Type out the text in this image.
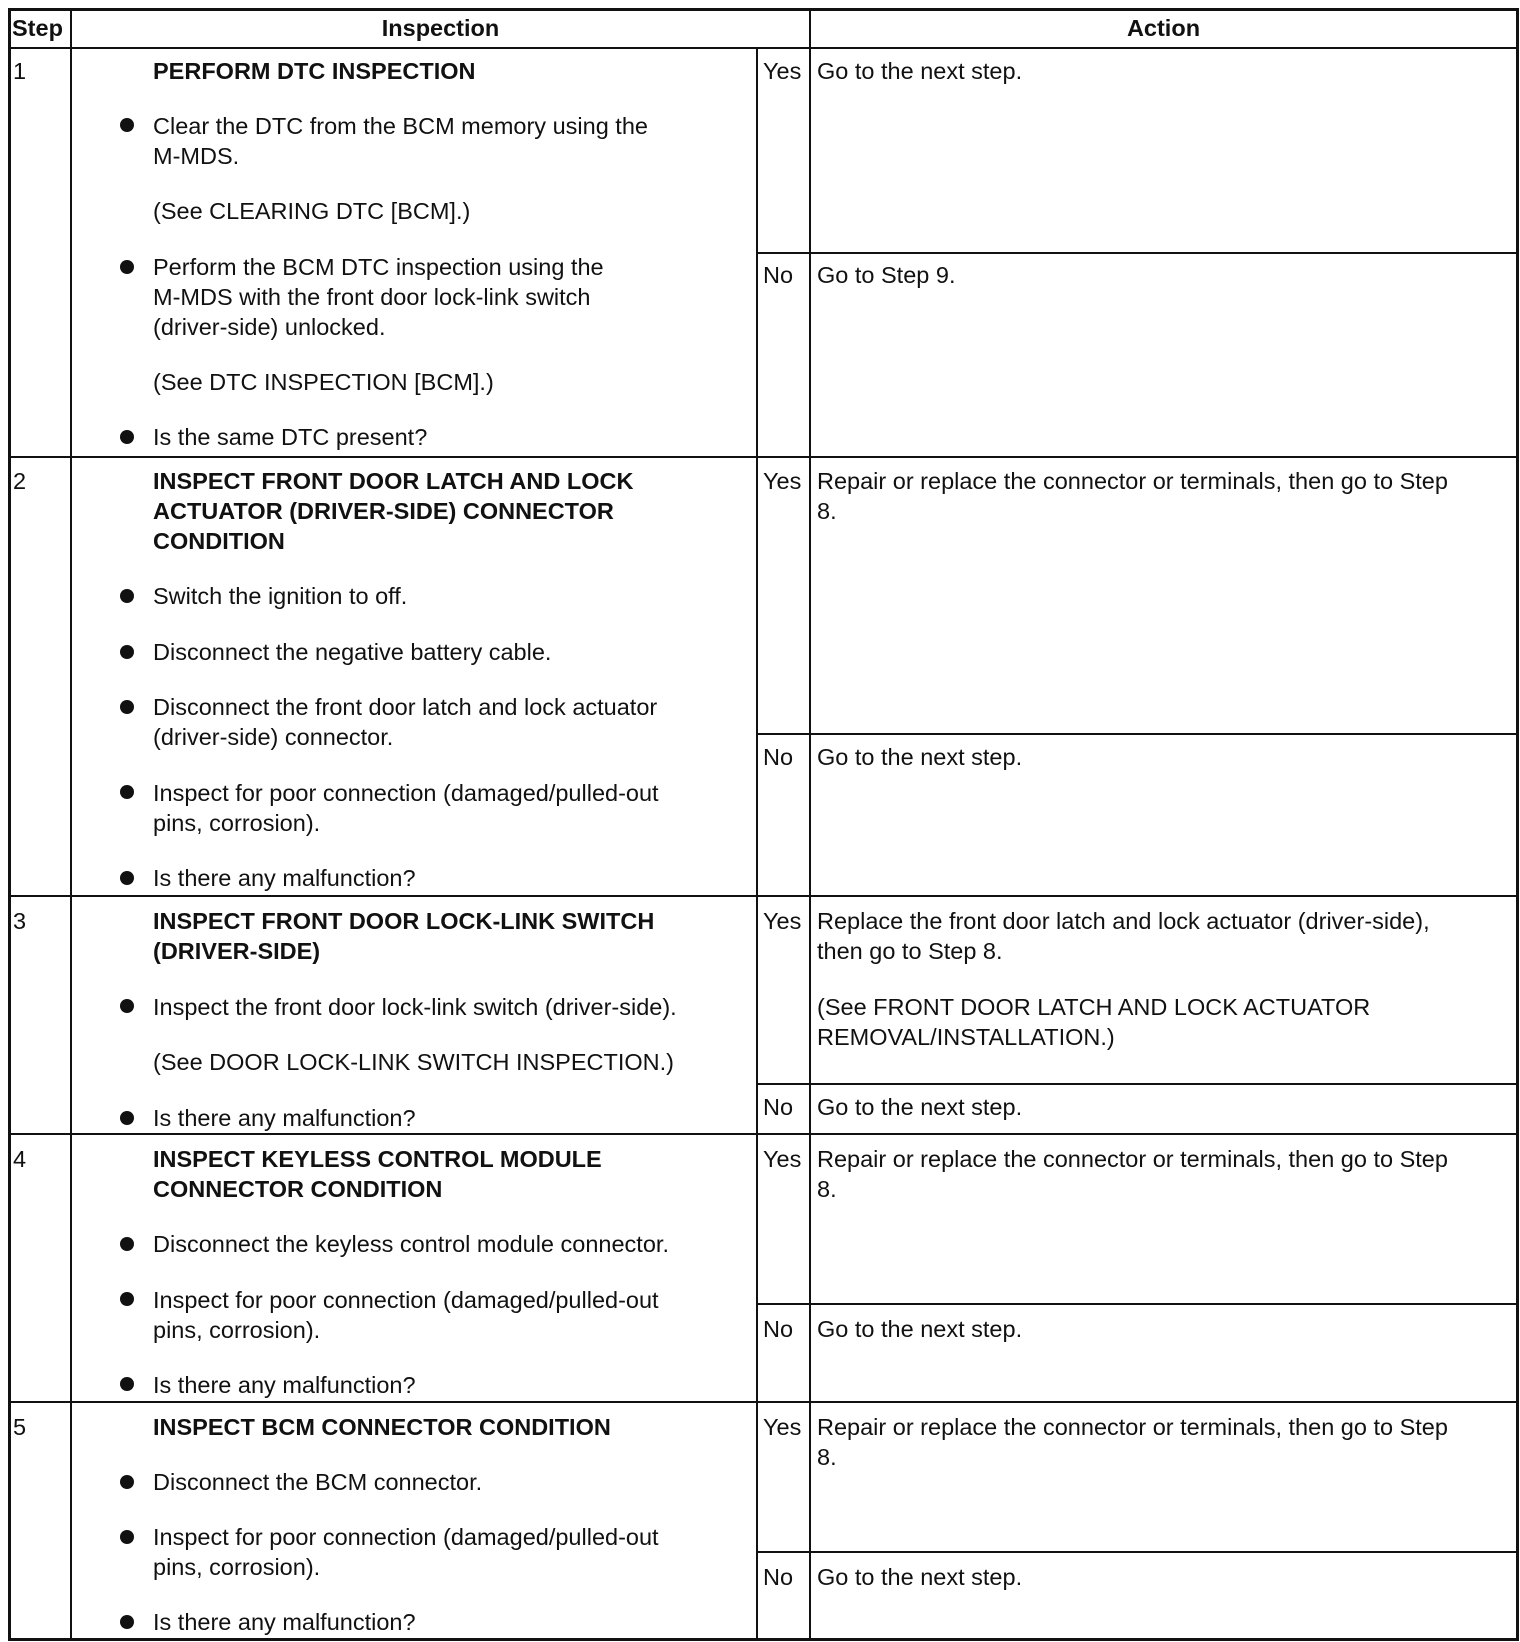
Step	Inspection	Action
1	PERFORM DTC INSPECTION
Clear the DTC from the BCM memory using the
M-MDS.
(See CLEARING DTC [BCM].)
Perform the BCM DTC inspection using the
M-MDS with the front door lock-link switch
(driver-side) unlocked.
(See DTC INSPECTION [BCM].)
Is the same DTC present?
Yes Go to the next step.
No Go to Step 9.
2	INSPECT FRONT DOOR LATCH AND LOCK
ACTUATOR (DRIVER-SIDE) CONNECTOR
CONDITION
Switch the ignition to off.
Disconnect the negative battery cable.
Disconnect the front door latch and lock actuator
(driver-side) connector.
Inspect for poor connection (damaged/pulled-out
pins, corrosion).
Is there any malfunction?
Yes Repair or replace the connector or terminals, then go to Step
8.
No Go to the next step.
3	INSPECT FRONT DOOR LOCK-LINK SWITCH
(DRIVER-SIDE)
Inspect the front door lock-link switch (driver-side).
(See DOOR LOCK-LINK SWITCH INSPECTION.)
Is there any malfunction?
Yes Replace the front door latch and lock actuator (driver-side),
then go to Step 8.
(See FRONT DOOR LATCH AND LOCK ACTUATOR
REMOVAL/INSTALLATION.)
No Go to the next step.
4	INSPECT KEYLESS CONTROL MODULE
CONNECTOR CONDITION
Disconnect the keyless control module connector.
Inspect for poor connection (damaged/pulled-out
pins, corrosion).
Is there any malfunction?
Yes Repair or replace the connector or terminals, then go to Step
8.
No Go to the next step.
5	INSPECT BCM CONNECTOR CONDITION
Disconnect the BCM connector.
Inspect for poor connection (damaged/pulled-out
pins, corrosion).
Is there any malfunction?
Yes Repair or replace the connector or terminals, then go to Step
8.
No Go to the next step.
